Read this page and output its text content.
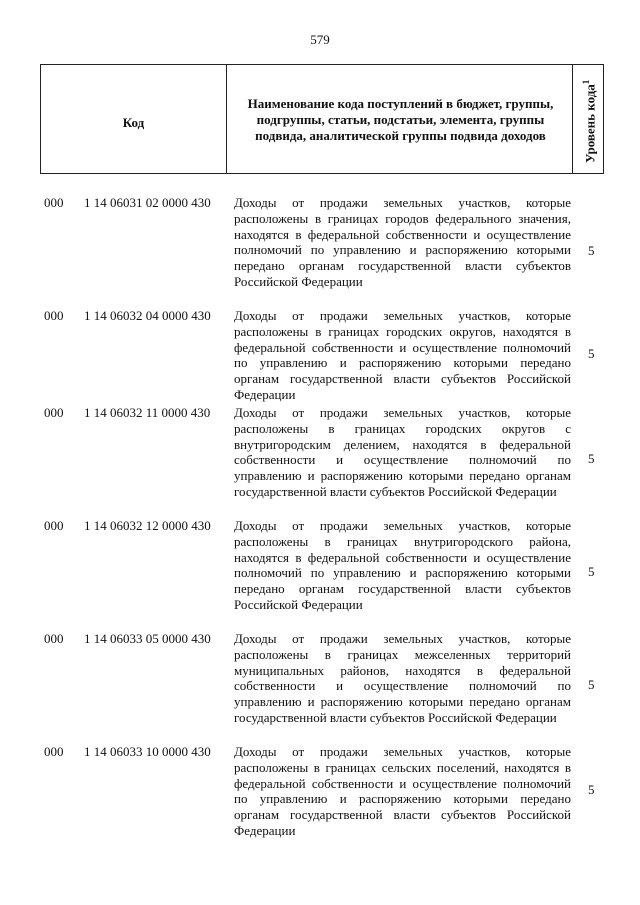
579
Код
Наименование кода поступлений в бюджет, группы, подгруппы, статьи, подстатьи, элемента, группы подвида, аналитической группы подвида доходов	Уровень кода$^1$
000 1 14 06031 02 0000 430 Доходы от продажи земельных участков, которые расположены в границах городов федерального значения, находятся в федеральной собственности и осуществление полномочий по управлению и распоряжению которыми передано органам государственной власти субъектов Российской Федерации
5
000 1 14 06032 04 0000 430 Доходы от продажи земельных участков, которые расположены в границах городских округов, находятся в федеральной собственности и осуществление полномочий по управлению и распоряжению которыми передано органам государственной власти субъектов Российской Федерации
5
000 1 14 06032 11 0000 430 Доходы от продажи земельных участков, которые расположены в границах городских округов с внутригородским делением, находятся в федеральной собственности и осуществление полномочий по управлению и распоряжению которыми передано органам государственной власти субъектов Российской Федерации
5
000 1 14 06032 12 0000 430 Доходы от продажи земельных участков, которые расположены в границах внутригородского района, находятся в федеральной собственности и осуществление полномочий по управлению и распоряжению которыми передано органам государственной власти субъектов Российской Федерации
5
000 1 14 06033 05 0000 430 Доходы от продажи земельных участков, которые расположены в границах межселенных территорий муниципальных районов, находятся в федеральной собственности и осуществление полномочий по управлению и распоряжению которыми передано органам государственной власти субъектов Российской Федерации
5
000 1 14 06033 10 0000 430 Доходы от продажи земельных участков, которые расположены в границах сельских поселений, находятся в федеральной собственности и осуществление полномочий по управлению и распоряжению которыми передано органам государственной власти субъектов Российской Федерации
5
